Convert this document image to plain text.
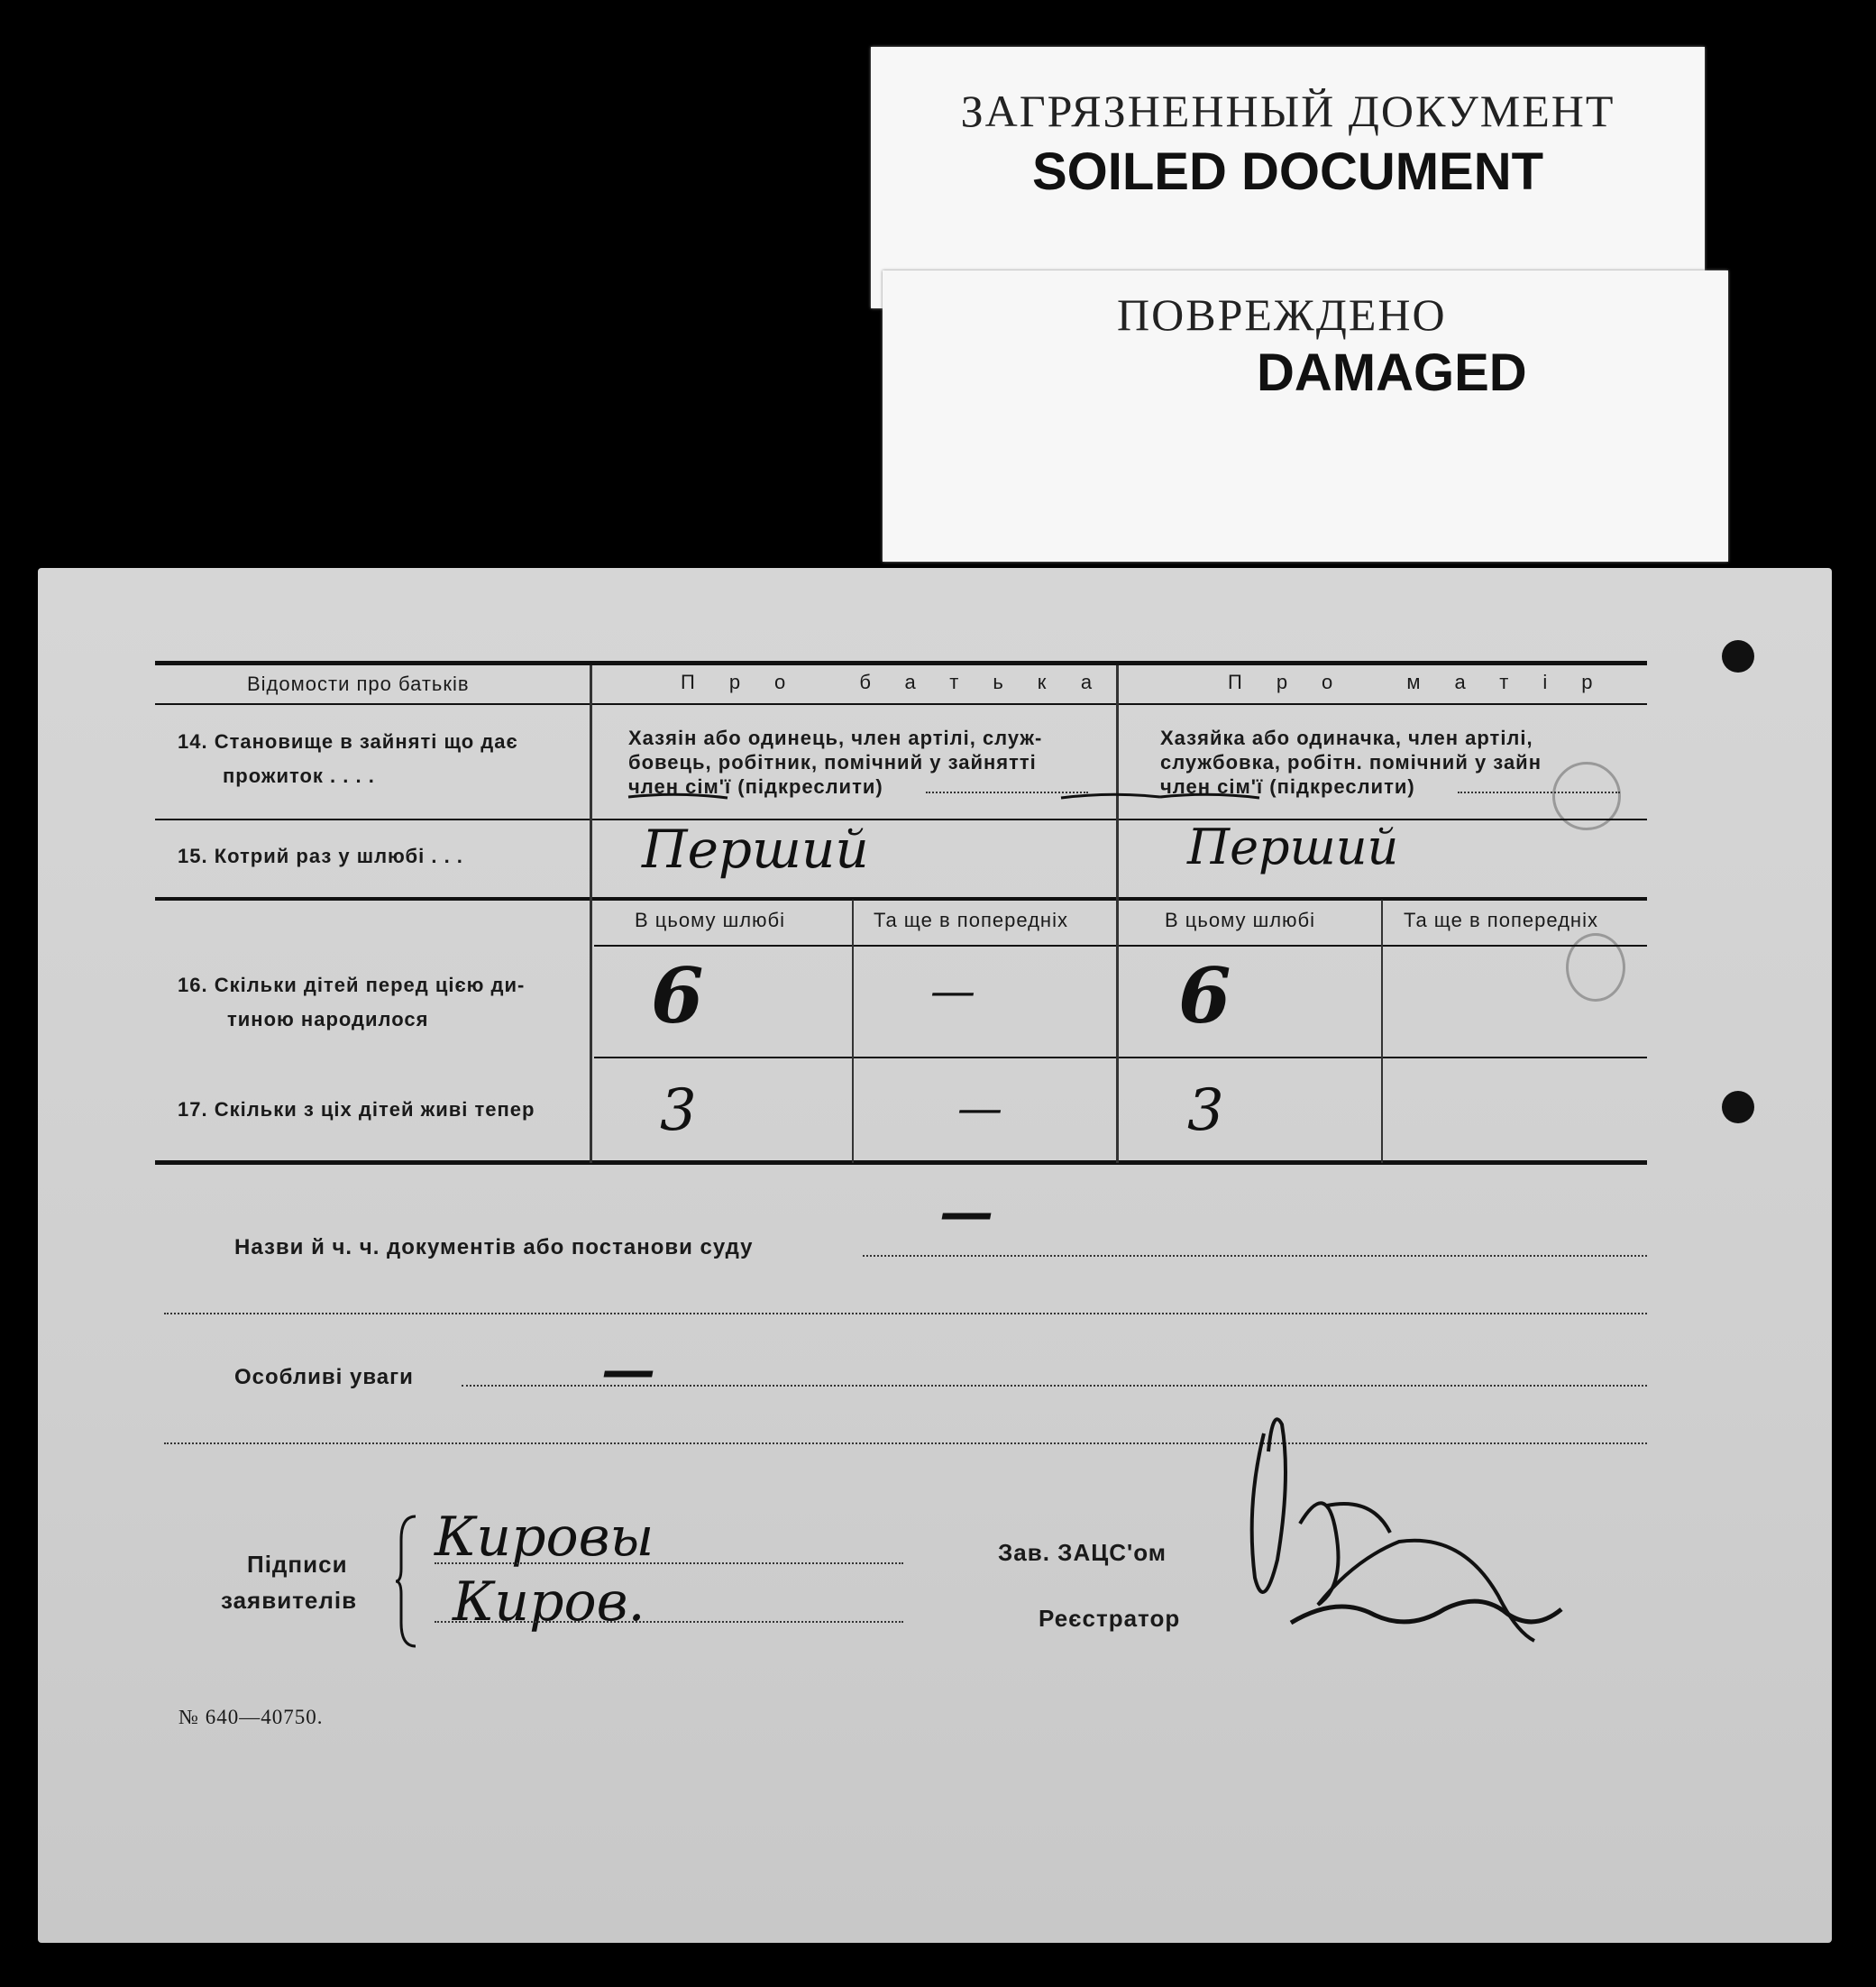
ЗАГРЯЗНЕННЫЙ ДОКУМЕНТ
SOILED DOCUMENT
ПОВРЕЖДЕНО
DAMAGED
Відомости про батьків	Про батька	Про матір
14. Становище в зайняті що дає
прожиток . . . .
Хазяін або одинець, член артілі, служ-
бовець, робітник, помічний у зайнятті
член сім'ї (підкреслити)
Хазяйка або одиначка, член артілі,
службовка, робітн. помічний у зайн
член сім'ї (підкреслити)
15. Котрий раз у шлюбі . . .	Перший	Перший
В цьому шлюбі	Та ще в попередніх	В цьому шлюбі	Та ще в попередніх
16. Скільки дітей перед цією ди-
тиною народилося	6	—	6
17. Скільки з ціх дітей живі тепер 3	—	3
Назви й ч. ч. документів або постанови суду
—
Особливі уваги	—
Підписи
заявителів
Кировы
Киров.
Зав. ЗАЦС'ом
Реєстратор
№ 640—40750.
